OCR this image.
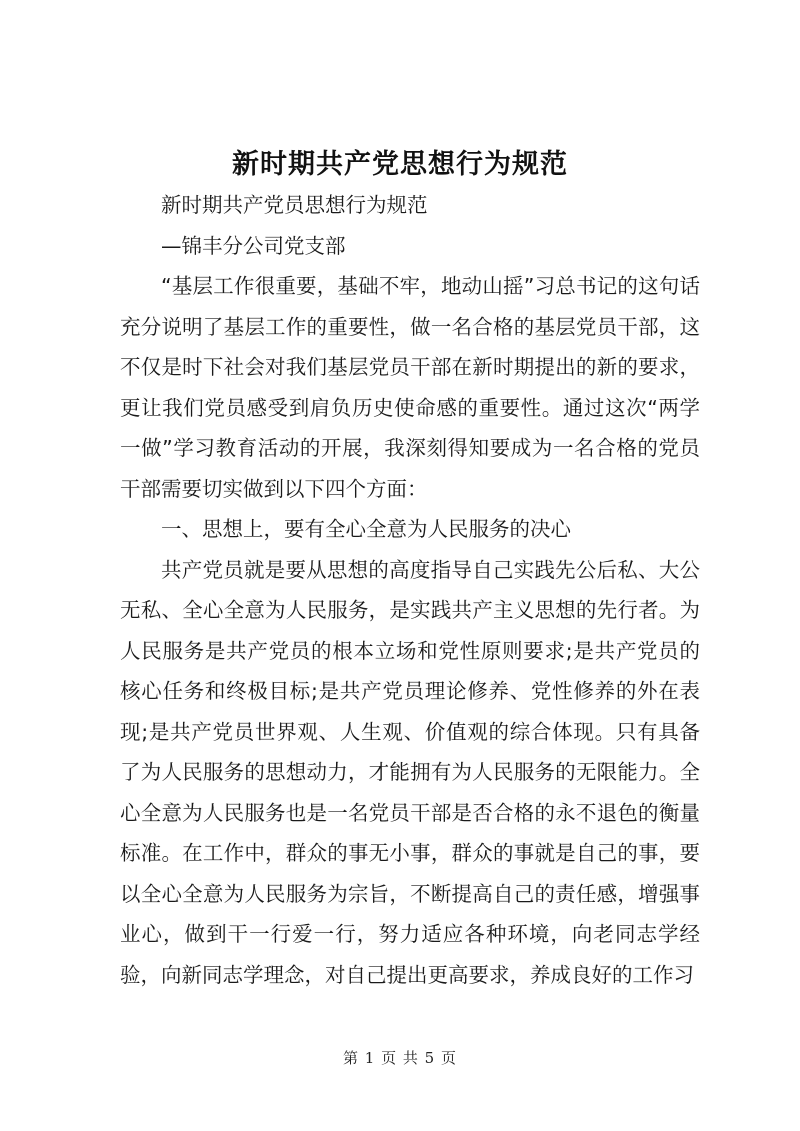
新时期共产党思想行为规范

新时期共产党员思想行为规范

—锦丰分公司党支部

“基层工作很重要，基础不牢，地动山摇”习总书记的这句话充分说明了基层工作的重要性，做一名合格的基层党员干部，这不仅是时下社会对我们基层党员干部在新时期提出的新的要求，更让我们党员感受到肩负历史使命感的重要性。通过这次“两学一做”学习教育活动的开展，我深刻得知要成为一名合格的党员干部需要切实做到以下四个方面：

一、思想上，要有全心全意为人民服务的决心

共产党员就是要从思想的高度指导自己实践先公后私、大公无私、全心全意为人民服务，是实践共产主义思想的先行者。为人民服务是共产党员的根本立场和党性原则要求;是共产党员的核心任务和终极目标;是共产党员理论修养、党性修养的外在表现;是共产党员世界观、人生观、价值观的综合体现。只有具备了为人民服务的思想动力，才能拥有为人民服务的无限能力。全心全意为人民服务也是一名党员干部是否合格的永不退色的衡量标准。在工作中，群众的事无小事，群众的事就是自己的事，要以全心全意为人民服务为宗旨，不断提高自己的责任感，增强事业心，做到干一行爱一行，努力适应各种环境，向老同志学经验，向新同志学理念，对自己提出更高要求，养成良好的工作习

第 1 页 共 5 页
